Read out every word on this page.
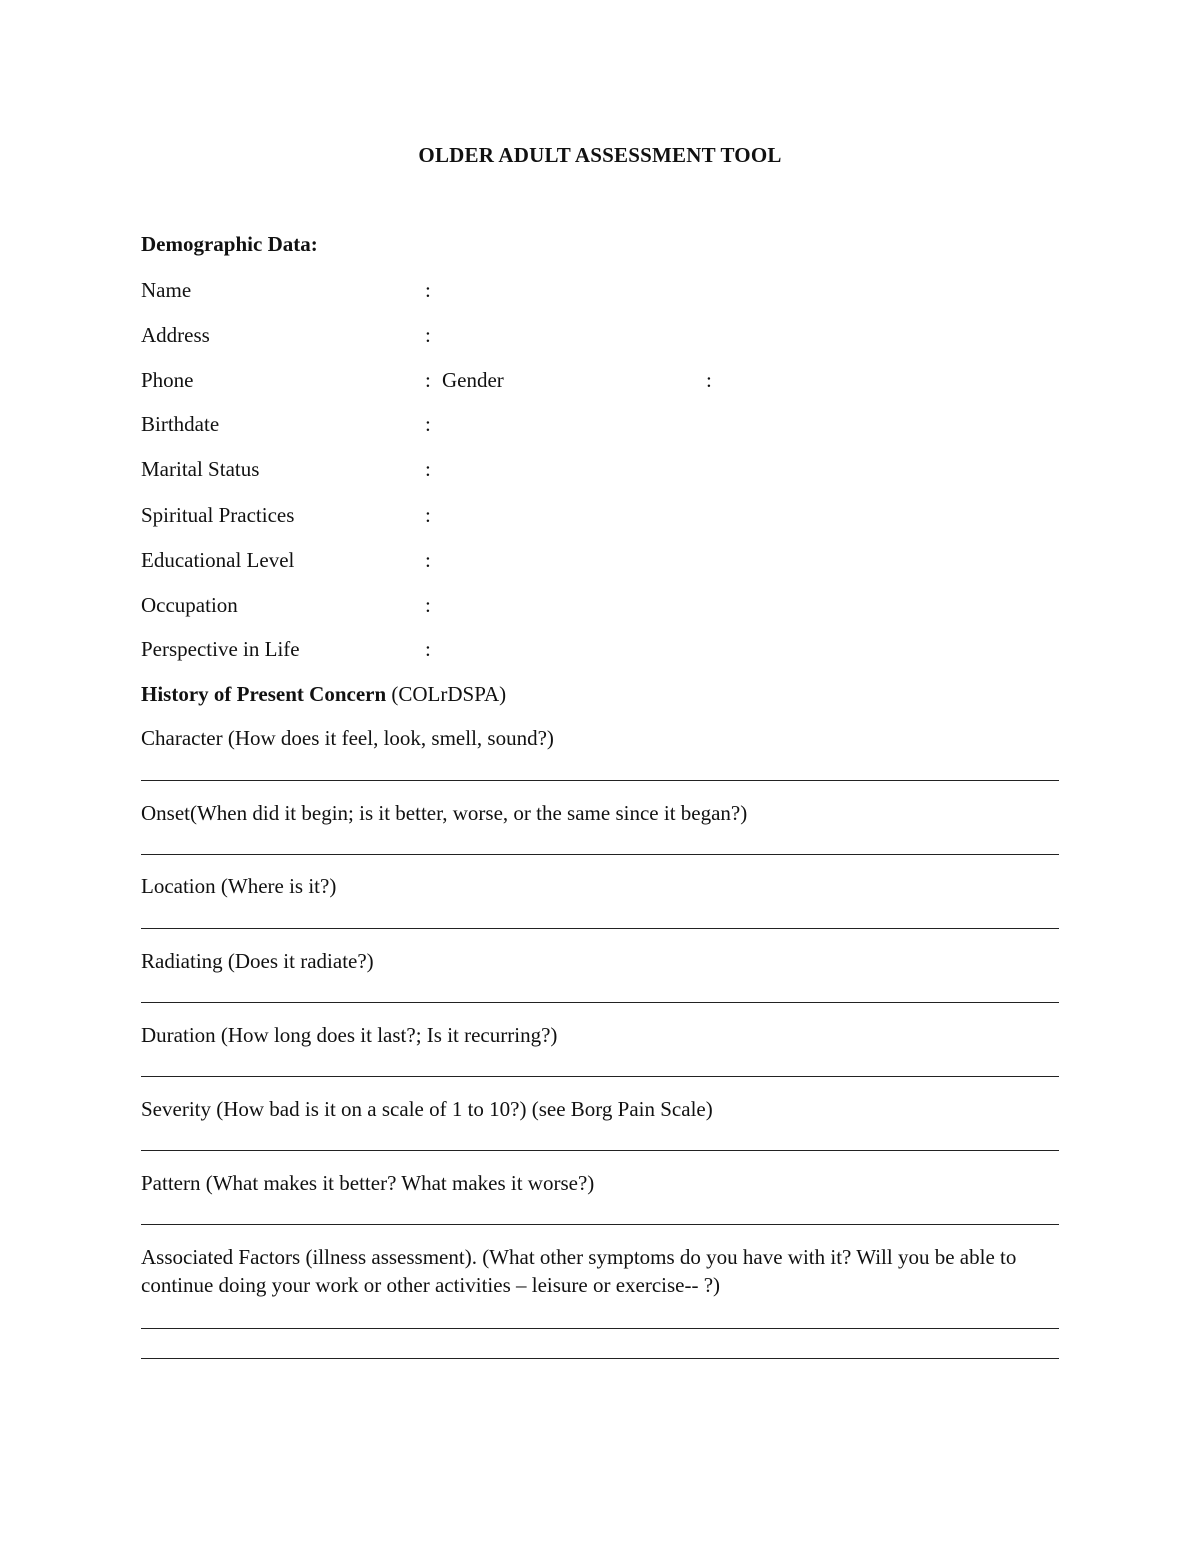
OLDER ADULT ASSESSMENT TOOL
Demographic Data:
Name	:
Address	:
Phone	: Gender	:
Birthdate	:
Marital Status	:
Spiritual Practices	:
Educational Level	:
Occupation	:
Perspective in Life	:
History of Present Concern (COLrDSPA)
Character (How does it feel, look, smell, sound?)
Onset(When did it begin; is it better, worse, or the same since it began?)
Location (Where is it?)
Radiating (Does it radiate?)
Duration (How long does it last?; Is it recurring?)
Severity (How bad is it on a scale of 1 to 10?) (see Borg Pain Scale)
Pattern (What makes it better? What makes it worse?)
Associated Factors (illness assessment). (What other symptoms do you have with it? Will you be able to continue doing your work or other activities – leisure or exercise-- ?)
